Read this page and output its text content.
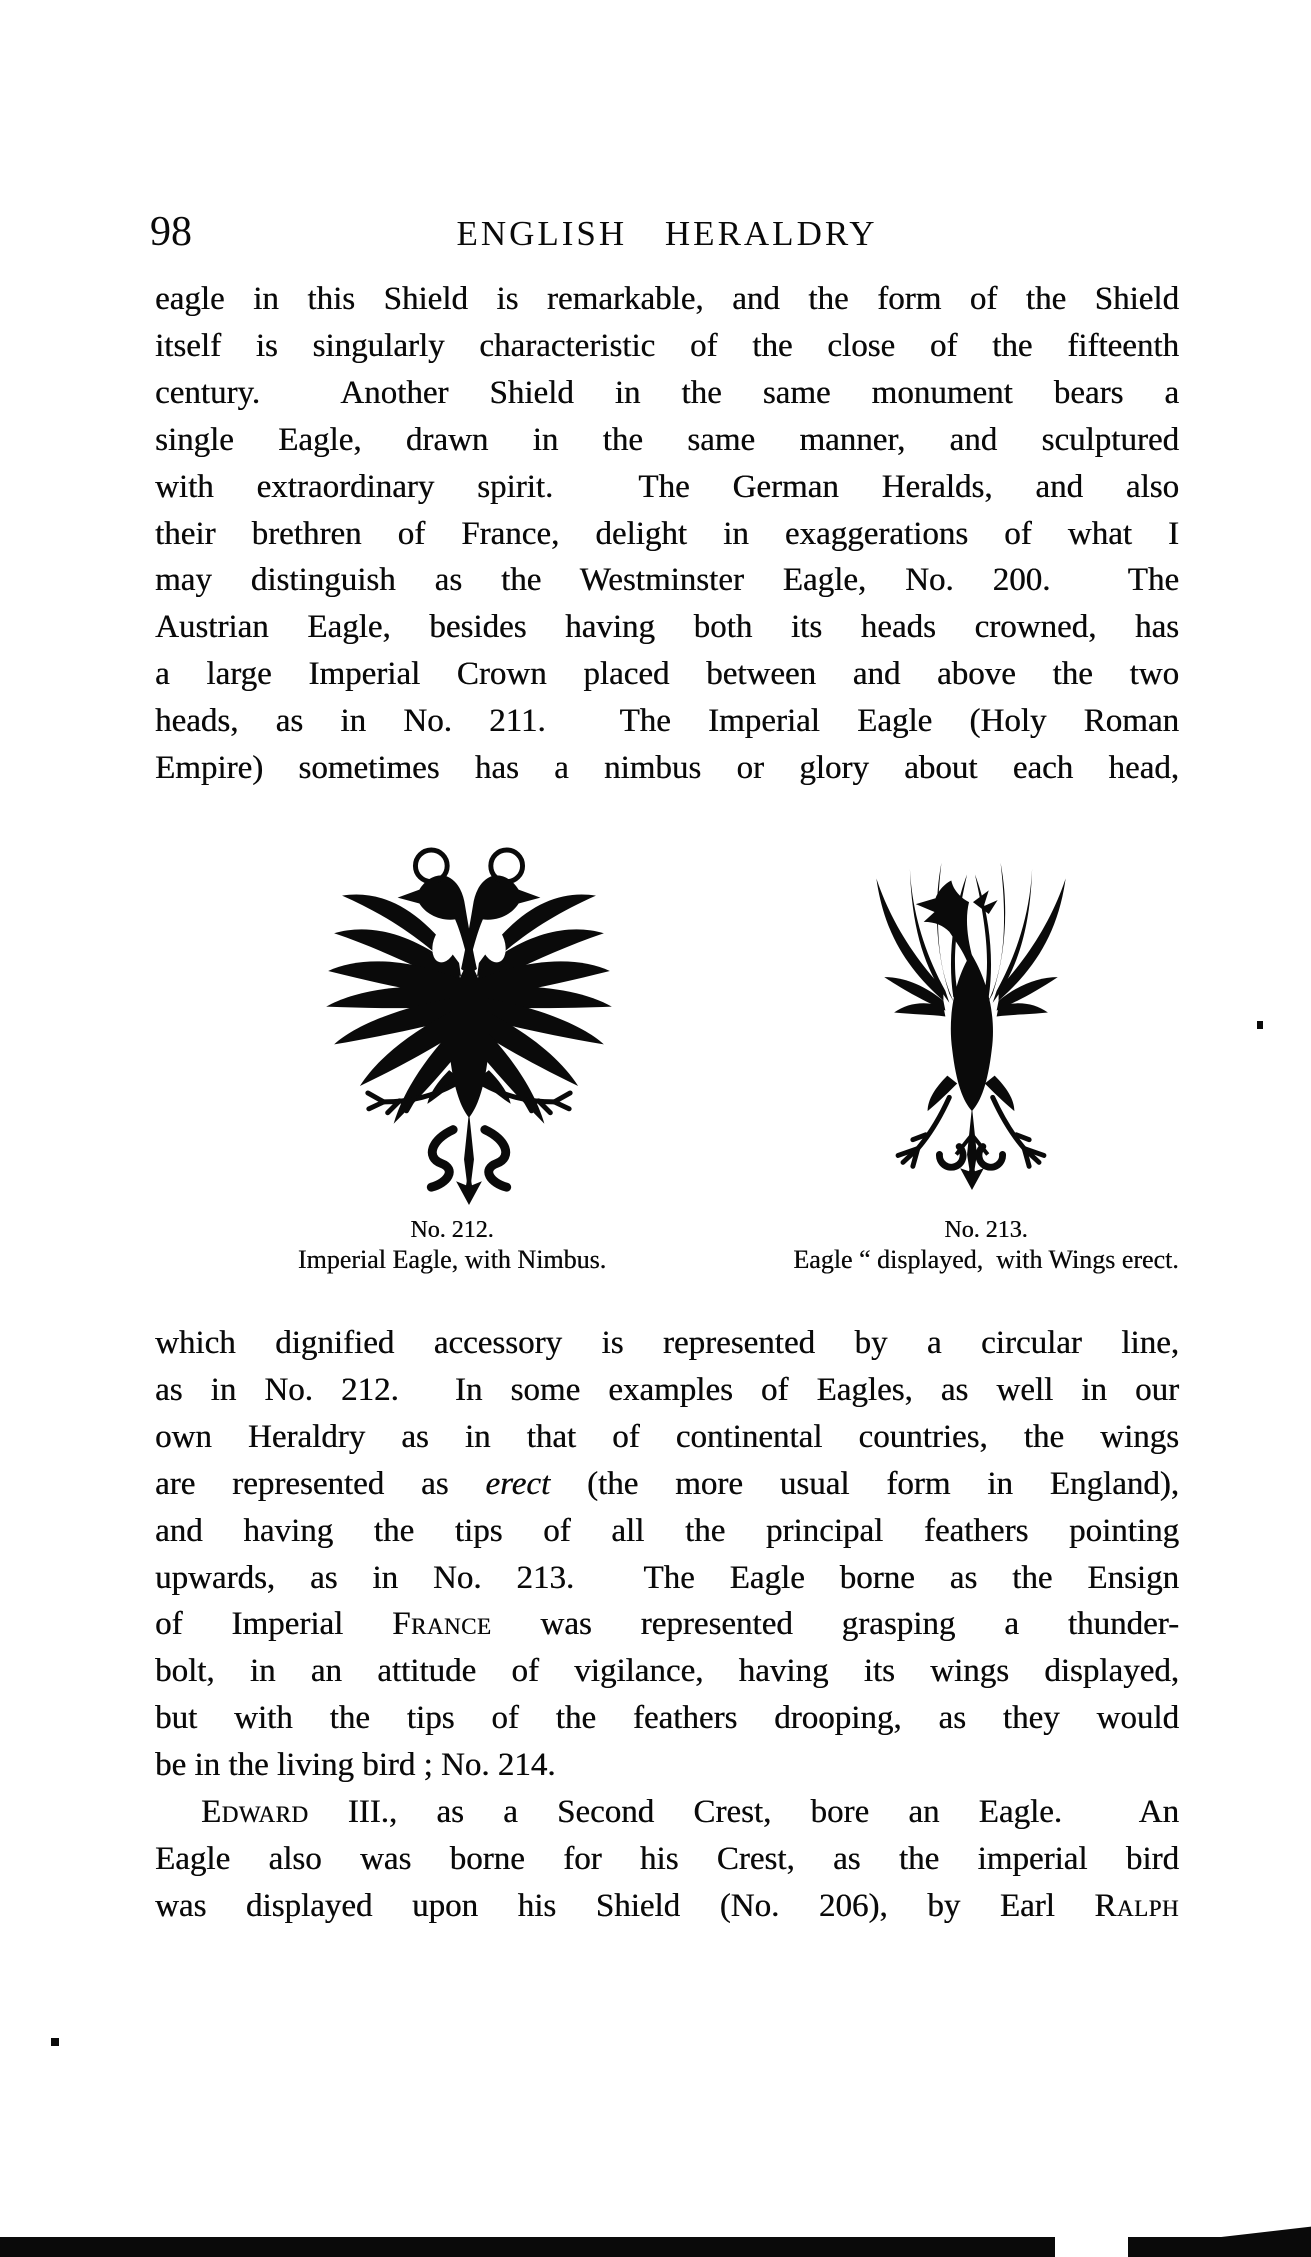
98	ENGLISH HERALDRY
eagle in this Shield is remarkable, and the form of the Shield
itself is singularly characteristic of the close of the fifteenth
century.  Another Shield in the same monument bears a
single Eagle, drawn in the same manner, and sculptured
with extraordinary spirit.  The German Heralds, and also
their brethren of France, delight in exaggerations of what I
may distinguish as the Westminster Eagle, No. 200.  The
Austrian Eagle, besides having both its heads crowned, has
a large Imperial Crown placed between and above the two
heads, as in No. 211.  The Imperial Eagle (Holy Roman
Empire) sometimes has a nimbus or glory about each head,
No. 212.
Imperial Eagle, with Nimbus.
No. 213.
Eagle “ displayed,  with Wings erect.
which dignified accessory is represented by a circular line,
as in No. 212.  In some examples of Eagles, as well in our
own Heraldry as in that of continental countries, the wings
are represented as erect (the more usual form in England),
and having the tips of all the principal feathers pointing
upwards, as in No. 213.  The Eagle borne as the Ensign
of Imperial France was represented grasping a thunder-
bolt, in an attitude of vigilance, having its wings displayed,
but with the tips of the feathers drooping, as they would
be in the living bird ; No. 214.
Edward III., as a Second Crest, bore an Eagle.  An
Eagle also was borne for his Crest, as the imperial bird
was displayed upon his Shield (No. 206), by Earl Ralph
